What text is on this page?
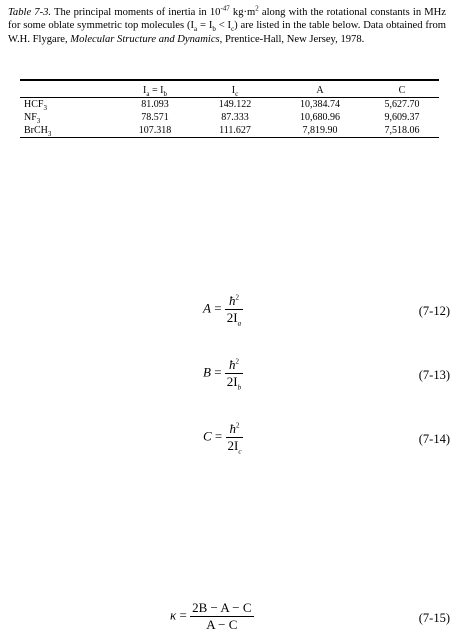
Table 7-3. The principal moments of inertia in $10^{-47}$ $kg\cdot m^2$ along with the rotational constants in MHz for some oblate symmetric top molecules $(I_a = I_b < I_c)$ are listed in the table below. Data obtained from W.H. Flygare, Molecular Structure and Dynamics, Prentice-Hall, New Jersey, 1978.
	$I_a = I_b$	$I_c$	A	C
$HCF_3$	81.093	149.122	10,384.74	5,627.70
$NF_3$	78.571	87.333	10,680.96	9,609.37
BrCH$_3$	107.318	111.627	7,819.90	7,518.06
$A = \frac{ħ^2}{2I_a}$	(7-12)
$B = \frac{ħ^2}{2I_b}$	(7-13)
$C = \frac{ħ^2}{2I_c}$	(7-14)
$\kappa = \frac{2B - A - C}{A - C}$	(7-15)
